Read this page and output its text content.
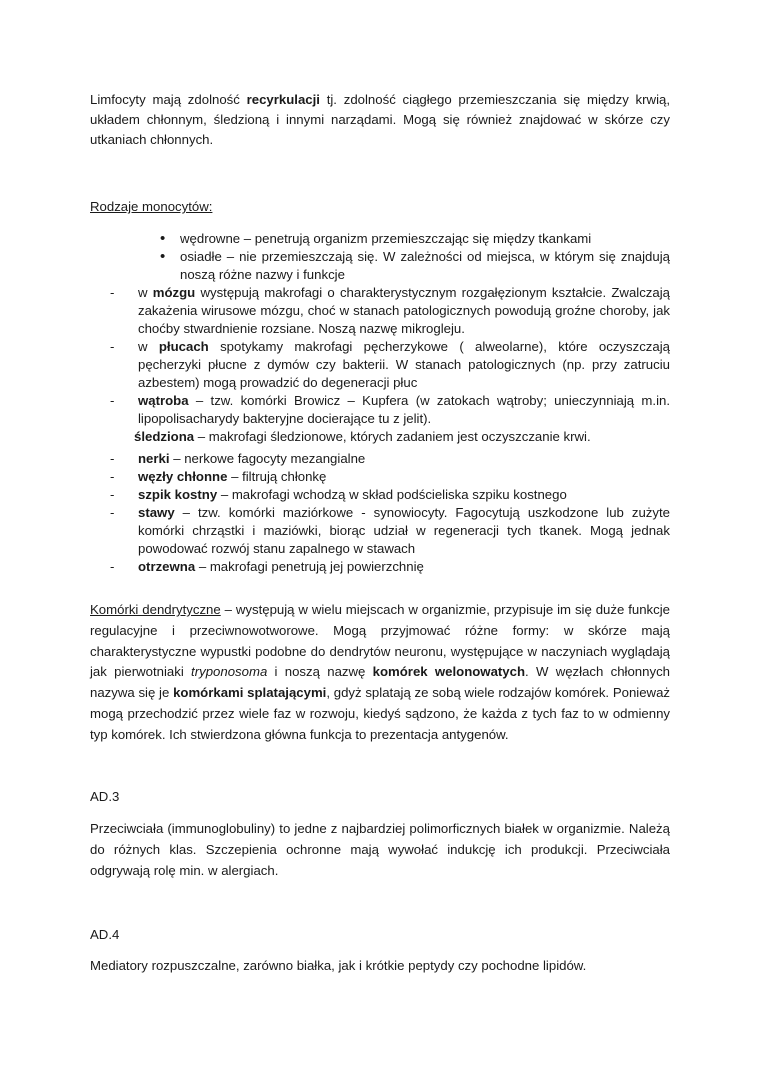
Limfocyty mają zdolność recyrkulacji tj. zdolność ciągłego przemieszczania się między krwią, układem chłonnym, śledzioną i innymi narządami. Mogą się również znajdować w skórze czy utkaniach chłonnych.

Rodzaje monocytów:

• wędrowne – penetrują organizm przemieszczając się między tkankami
• osiadłe – nie przemieszczają się. W zależności od miejsca, w którym się znajdują noszą różne nazwy i funkcje
- w mózgu występują makrofagi o charakterystycznym rozgałęzionym kształcie. Zwalczają zakażenia wirusowe mózgu, choć w stanach patologicznych powodują groźne choroby, jak choćby stwardnienie rozsiane. Noszą nazwę mikrogleju.
- w płucach spotykamy makrofagi pęcherzykowe ( alweolarne), które oczyszczają pęcherzyki płucne z dymów czy bakterii. W stanach patologicznych (np. przy zatruciu azbestem) mogą prowadzić do degeneracji płuc
- wątroba – tzw. komórki Browicz – Kupfera (w zatokach wątroby; unieczynniają m.in. lipopolisacharydy bakteryjne docierające tu z jelit).
śledziona – makrofagi śledzionowe, których zadaniem jest oczyszczanie krwi.
- nerki – nerkowe fagocyty mezangialne
- węzły chłonne – filtrują chłonkę
- szpik kostny – makrofagi wchodzą w skład podścieliska szpiku kostnego
- stawy – tzw. komórki maziórkowe - synowiocyty. Fagocytują uszkodzone lub zużyte komórki chrząstki i maziówki, biorąc udział w regeneracji tych tkanek. Mogą jednak powodować rozwój stanu zapalnego w stawach
- otrzewna – makrofagi penetrują jej powierzchnię

Komórki dendrytyczne – występują w wielu miejscach w organizmie, przypisuje im się duże funkcje regulacyjne i przeciwnowotworowe. Mogą przyjmować różne formy: w skórze mają charakterystyczne wypustki podobne do dendrytów neuronu, występujące w naczyniach wyglądają jak pierwotniaki tryponosoma i noszą nazwę komórek welonowatych. W węzłach chłonnych nazywa się je komórkami splatającymi, gdyż splatają ze sobą wiele rodzajów komórek. Ponieważ mogą przechodzić przez wiele faz w rozwoju, kiedyś sądzono, że każda z tych faz to w odmienny typ komórek. Ich stwierdzona główna funkcja to prezentacja antygenów.

AD.3

Przeciwciała (immunoglobuliny) to jedne z najbardziej polimorficznych białek w organizmie. Należą do różnych klas. Szczepienia ochronne mają wywołać indukcję ich produkcji. Przeciwciała odgrywają rolę min. w alergiach.

AD.4

Mediatory rozpuszczalne, zarówno białka, jak i krótkie peptydy czy pochodne lipidów.
